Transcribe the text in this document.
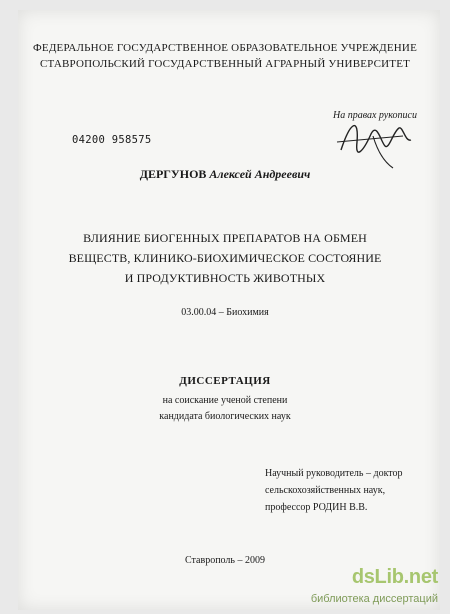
ФЕДЕРАЛЬНОЕ ГОСУДАРСТВЕННОЕ ОБРАЗОВАТЕЛЬНОЕ УЧРЕЖДЕНИЕ
СТАВРОПОЛЬСКИЙ ГОСУДАРСТВЕННЫЙ АГРАРНЫЙ УНИВЕРСИТЕТ
На правах рукописи
04200 958575
ДЕРГУНОВ Алексей Андреевич
ВЛИЯНИЕ БИОГЕННЫХ ПРЕПАРАТОВ НА ОБМЕН
ВЕЩЕСТВ, КЛИНИКО-БИОХИМИЧЕСКОЕ СОСТОЯНИЕ
И ПРОДУКТИВНОСТЬ ЖИВОТНЫХ
03.00.04 – Биохимия
ДИССЕРТАЦИЯ
на соискание ученой степени
кандидата биологических наук
Научный руководитель – доктор
сельскохозяйственных наук,
профессор РОДИН В.В.
Ставрополь – 2009
dsLib.net
библиотека диссертаций
